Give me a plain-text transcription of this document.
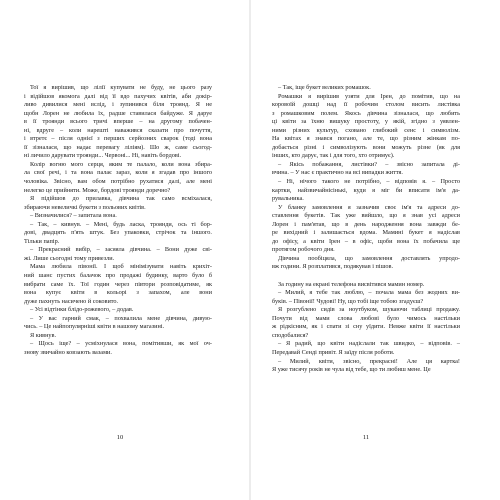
Тої я вирішив, що лілії купувати не буду, не цього разу
і відійшов якомога далі від її вдо пахучих квітів, аби докір-
ливо дивилися мені вслід, і зупинився біля троянд. Я не
щобн Лорен не любила їх, радше ставилася байдуже. Я даруе
в її троянди всього тричі вперше – на другому побачен-
ні, вдруге – коли нарешті наважився сказати про почуття,
і втретє – після однієї з перших серйозних сварок (тоді вона
її зізналася, що надає перевагу ліліям). Шо ж, саме сьогод-
ні личило дарувати троянди... Червоні... Ні, навіть бордові.
Колір вогню мого серця, яким те палало, коли вона збира-
ла свої речі, і та вона палає зараз, коли я згадав про іншого
чоловіка. Звісно, вам обом потрібно рухатися далі, але мені
нелегко це прийняти. Може, бордові троянди доречно?
Я підійшов до прилавка, дівчина так само всміхалася,
збираючи невеличкі букети з польових квітів.
– Визначилися? – запитала вона.
– Так, – кивнув. – Мені, будь ласка, троянди, ось ті бор-
дові, двадцять п'ять штук. Без упаковки, стрічок та іншого.
Тільки папір.
– Прекрасний вибір, – засяяла дівчина. – Вони дуже свi-
жі. Лише сьогодні тому привезли.
Мама любила півонії. І щоб мінімізувати навіть крихіт-
ний шанс пустих балачок про продажі будинку, варто було б
вибрати саме їх. Тої годин через півтори розповідатиме, як
вона купує квіти в кольорі з запахом, але вони
дуже пахнуть насичено й соковито.
– Усі відтінки блідо-рожевого, – додав.
– У вас гарний смак, – похвалила мене дівчина, дивую-
чись. – Це найпопулярніші квіти в нашому магазині.
Я кивнув.
– Щось іще? – усміхнулася вона, помітивши, як мої оч-
знову звичайно ковзають вазами.
– Так, іще букет великих ромашок.
Ромашки я вирішив узяти для Ірен, до помітив, що на
коровоїй дошці над її робочим столом висить листівка
з ромашковим полем. Якось дівчина зізналася, що любить
ці квіти за їхню вишуку простоту, у якій, згідно з уявлен-
ними різних культур, сховано глибокий сенс і символізм.
На квітах я знався погано, але те, що різним жінкам по-
добається різні і символізують вони можуть різне (як для
інших, кто дарує, так і для того, хто отримує).
– Якісь побажання, листівки? – звісно запитала ді-
вчина. – У нас є практично на всі випадки життя.
– Ні, нічого такого не потрібно, – відповів я. – Просто
картки, найзвичайнісінькі, куди я міг би вписати ім'я да-
рувальника.
У бланку замовлення я зазначив своє ім'я та адреси до-
ставлення букетів. Так уже вийшло, що я знав усі адреси
Лорен і пам'ятав, що в день народження вона завжди бе-
ре вихідний і залишається вдома. Мамині букет я надіслав
до офісу, а квіти Ірен – в офіс, щоби вона їх побачила ще
протягом робочого дня.
Дівчина пообіцяла, що замовлення доставлять упродо-
вж години. Я розплатився, подякував і пішов.
За годину на екрані телефона висвітився мамин номер.
– Милий, я тебе так люблю, – почала мама без жодних ви-
буків. – Півонії! Чудові! Ну, що тобі іще тобою згадуєш?
Я розгублено сидів за ноутбуком, шукаючи таблиці продажу.
Почути від мами слова любові було чимось настільки
ж рідкісним, як і спати зі сну уїдити. Невже квіти її настільки
сподобалися?
– Я радий, що квіти надіслали так швидко, – відповів. –
Передавай Сенді привіт. Я заїду після роботи.
– Милий, квіти, звісно, прекрасні! Але ця картка!
Я уже тисячу років не чула від тебе, що ти любиш мене. Це
10	11
